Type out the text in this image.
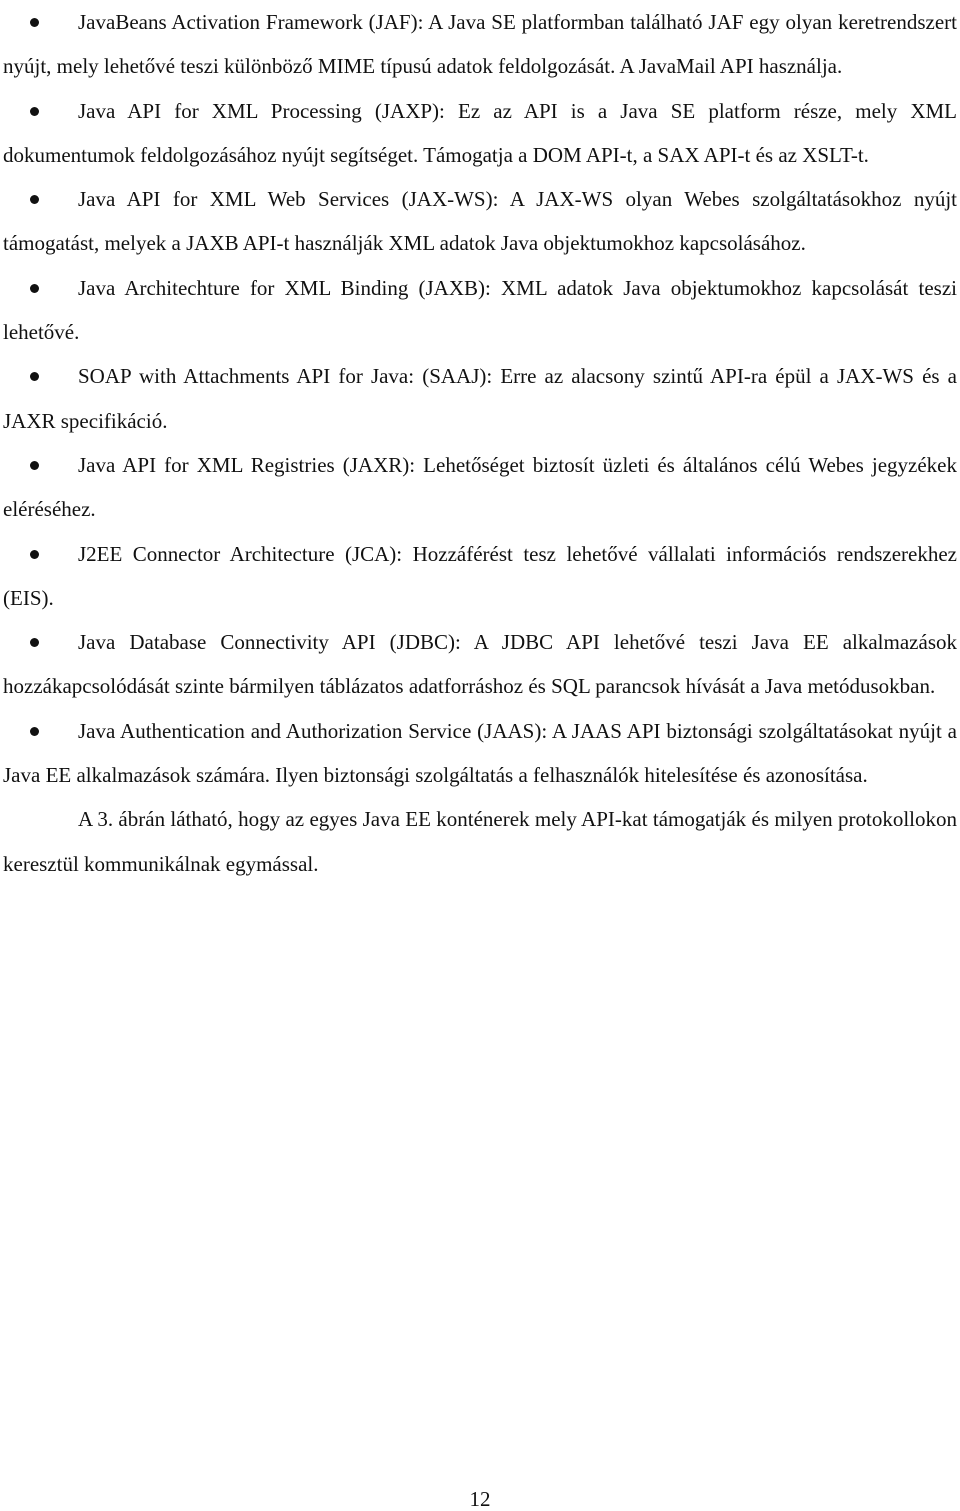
JavaBeans Activation Framework (JAF): A Java SE platformban található JAF egy olyan keretrendszert nyújt, mely lehetővé teszi különböző MIME típusú adatok feldolgozását. A JavaMail API használja.

Java API for XML Processing (JAXP): Ez az API is a Java SE platform része, mely XML dokumentumok feldolgozásához nyújt segítséget. Támogatja a DOM API-t, a SAX API-t és az XSLT-t.

Java API for XML Web Services (JAX-WS): A JAX-WS olyan Webes szolgáltatásokhoz nyújt támogatást, melyek a JAXB API-t használják XML adatok Java objektumokhoz kapcsolásához.

Java Architechture for XML Binding (JAXB): XML adatok Java objektumokhoz kapcsolását teszi lehetővé.

SOAP with Attachments API for Java: (SAAJ): Erre az alacsony szintű API-ra épül a JAX-WS és a JAXR specifikáció.

Java API for XML Registries (JAXR): Lehetőséget biztosít üzleti és általános célú Webes jegyzékek eléréséhez.

J2EE Connector Architecture (JCA): Hozzáférést tesz lehetővé vállalati információs rendszerekhez (EIS).

Java Database Connectivity API (JDBC): A JDBC API lehetővé teszi Java EE alkalmazások hozzákapcsolódását szinte bármilyen táblázatos adatforráshoz és SQL parancsok hívását a Java metódusokban.

Java Authentication and Authorization Service (JAAS): A JAAS API biztonsági szolgáltatásokat nyújt a Java EE alkalmazások számára. Ilyen biztonsági szolgáltatás a felhasználók hitelesítése és azonosítása.

A 3. ábrán látható, hogy az egyes Java EE konténerek mely API-kat támogatják és milyen protokollokon keresztül kommunikálnak egymással.

12
